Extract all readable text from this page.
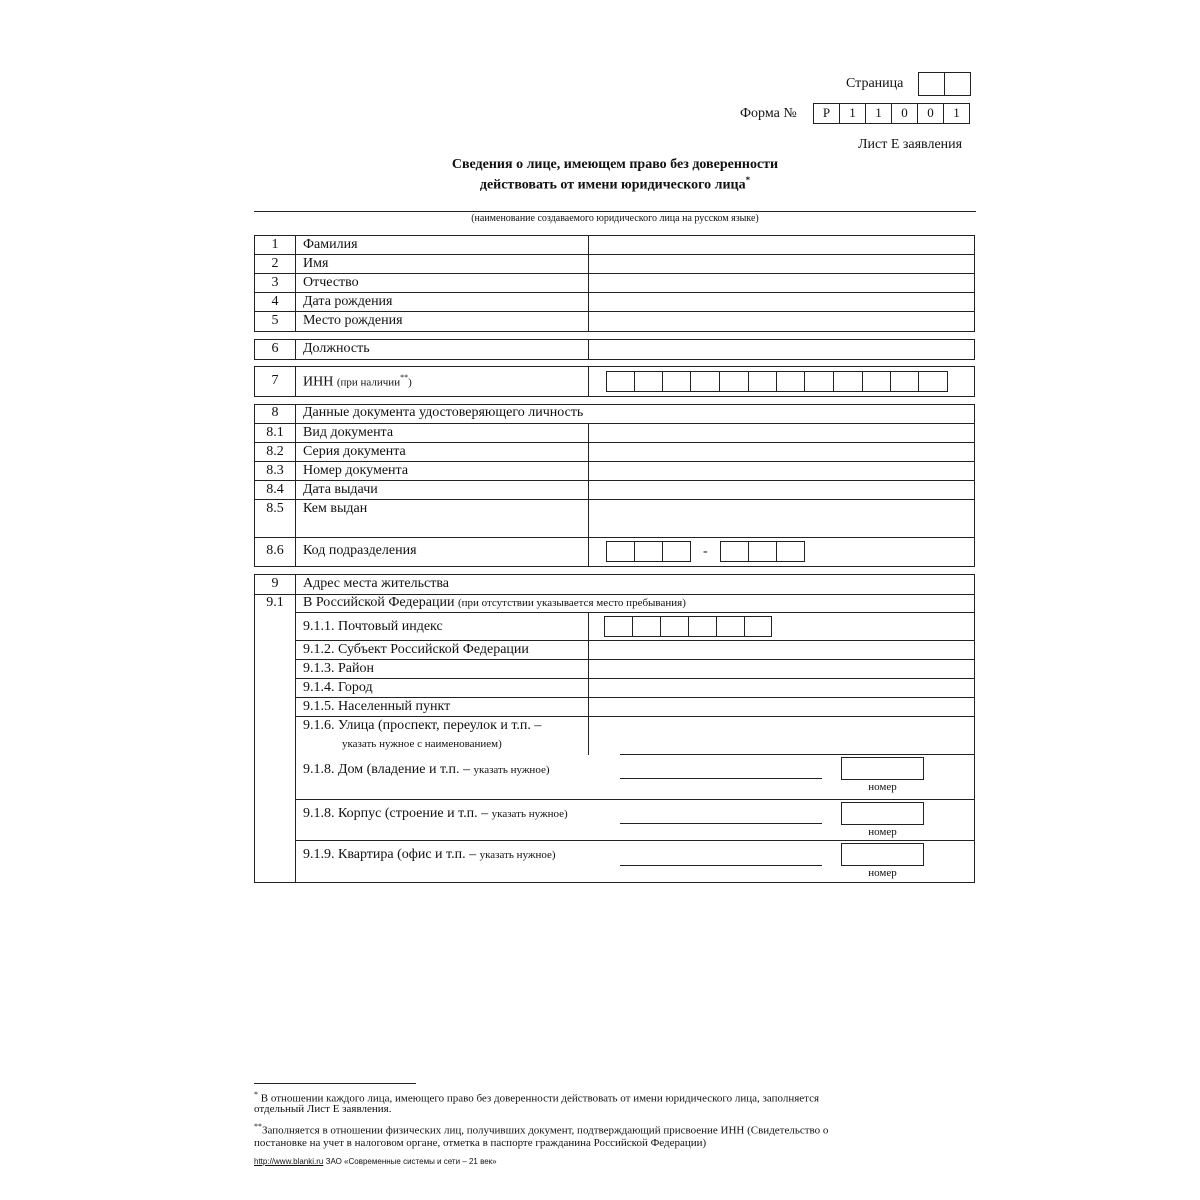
Страница
Форма №	Р	1	1	0	0	1
Лист Е заявления
Сведения о лице, имеющем право без доверенности
действовать от имени юридического лица*
(наименование создаваемого юридического лица на русском языке)
1	Фамилия
2	Имя
3	Отчество
4	Дата рождения
5	Место рождения
6	Должность
7	ИНН (при наличии**)
8	Данные документа удостоверяющего личность
8.1	Вид документа
8.2	Серия документа
8.3	Номер документа
8.4	Дата выдачи
8.5	Кем выдан
8.6	Код подразделения	-
9	Адрес места жительства
9.1	В Российской Федерации (при отсутствии указывается место пребывания)
9.1.1. Почтовый индекс
9.1.2. Субъект Российской Федерации
9.1.3. Район
9.1.4. Город
9.1.5. Населенный пункт
9.1.6. Улица (проспект, переулок и т.п. –
указать нужное с наименованием)
9.1.8. Дом (владение и т.п. – указать нужное)
номер
9.1.8. Корпус (строение и т.п. – указать нужное)
номер
9.1.9. Квартира (офис и т.п. – указать нужное)
номер
* В отношении каждого лица, имеющего право без доверенности действовать от имени юридического лица, заполняется
отдельный Лист Е заявления.
**Заполняется в отношении физических лиц, получивших документ, подтверждающий присвоение ИНН (Свидетельство о
постановке на учет в налоговом органе, отметка в паспорте гражданина Российской Федерации)
http://www.blanki.ru ЗАО «Современные системы и сети – 21 век»
